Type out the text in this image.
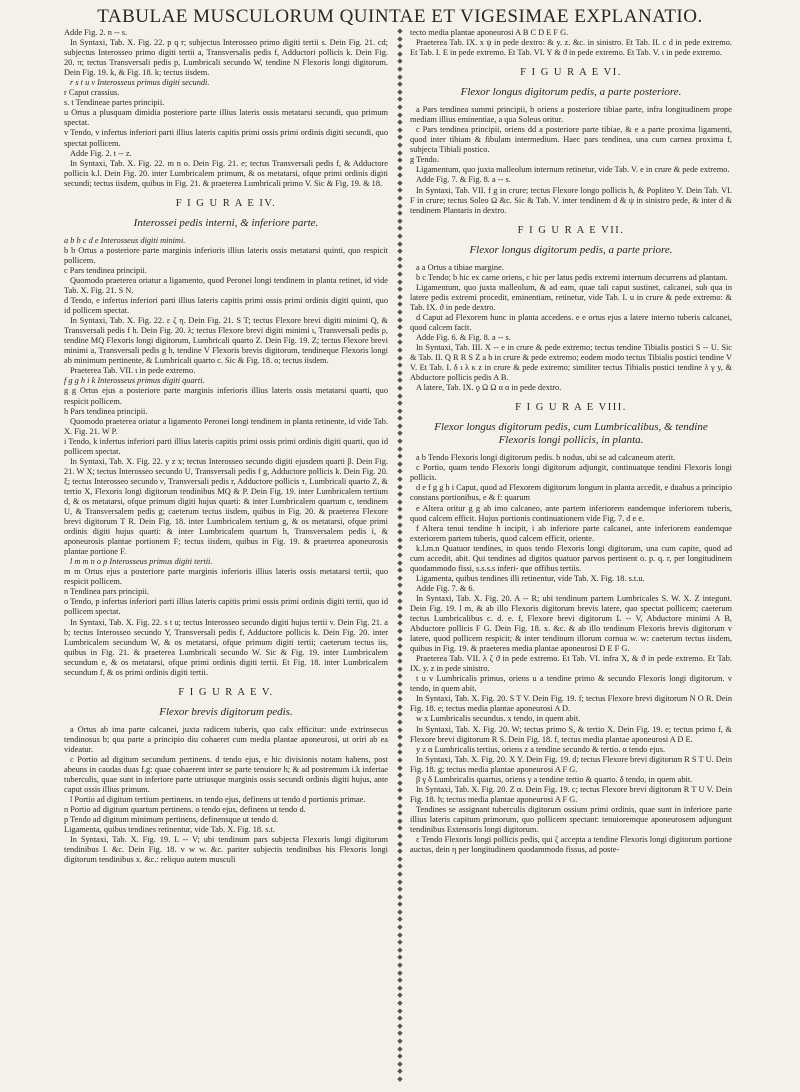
TABULAE MUSCULORUM QUINTAE ET VIGESIMAE EXPLANATIO.

Adde Fig. 2. n -- s.

In Syntaxi, Tab. X. Fig. 22. p q r; subjectus Interosseo primo digiti tertii s. Dein Fig. 21. cd; subjectus Interosseo primo digiti tertii a, Transversalis pedis f, Adductori pollicis k. Dein Fig. 20. π; tectus Transversali pedis p, Lumbricali secundo W, tendine N Flexoris longi digitorum. Dein Fig. 19. k, & Fig. 18. k; tectus iisdem.

r s t u v Interosseus primus digiti secundi.

r Caput crassius.

s. t Tendineae partes principii.

u Ortus a plusquam dimidia posteriore parte illius lateris ossis metatarsi secundi, quo primum spectat.

v Tendo, v infertus inferiori parti illius lateris capitis primi ossis primi ordinis digiti secundi, quo spectat pollicem.

Adde Fig. 2. t -- z.

In Syntaxi, Tab. X. Fig. 22. m n o. Dein Fig. 21. e; tectus Transversali pedis f, & Adductore pollicis k.l. Dein Fig. 20. inter Lumbricalem primum, & os metatarsi, ofque primi ordinis digiti secundi; tectus iisdem, quibus in Fig. 21. & praeterea Lumbricali primo V. Sic & Fig. 19. & 18.

F I G U R A E IV.
Interossei pedis interni, & inferiore parte.

a b b c d e Interosseus digiti minimi.

b b Ortus a posteriore parte marginis inferioris illius lateris ossis metatarsi quinti, quo respicit pollicem.

c Pars tendinea principii.

Quomodo praeterea oriatur a ligamento, quod Peronei longi tendinem in planta retinet, id vide Tab. X. Fig. 21. S N.

d Tendo, e infertus inferiori parti illius lateris capitis primi ossis primi ordinis digiti quinti, quo id pollicem spectat.

In Syntaxi, Tab. X. Fig. 22. ε ζ η. Dein Fig. 21. S T; tectus Flexore brevi digiti minimi Q, & Transversali pedis f h. Dein Fig. 20. λ; tectus Flexore brevi digiti minimi ι, Transversali pedis ρ, tendine MQ Flexoris longi digitorum, Lumbricali quarto Z. Dein Fig. 19. Z; tectus Flexore brevi minimi a, Transversali pedis g h, tendine V Flexoris brevis digitorum, tendineque Flexoris longi ab minimum pertinente, & Lumbricali quarto c. Sic & Fig. 18. o; tectus iisdem.

Praeterea Tab. VII. ι in pede extremo.

f g g h i k Interosseus primus digiti quarti.

g g Ortus ejus a posteriore parte marginis inferioris illius lateris ossis metatarsi quarti, quo respicit pollicem.

h Pars tendinea principii.

Quomodo praeterea oriatur a ligamento Peronei longi tendinem in planta retinente, id vide Tab. X. Fig. 21. W P.

i Tendo, k infertus inferiori parti illius lateris capitis primi ossis primi ordinis digiti quarti, quo id pollicem spectat.

In Syntaxi, Tab. X. Fig. 22. y z x; tectus Interosseo secundo digiti ejusdem quarti β. Dein Fig. 21. W X; tectus Interosseo secundo U, Transversali pedis f g, Adductore pollicis k. Dein Fig. 20. ξ; tectus Interosseo secundo ν, Transversali pedis r, Adductore pollicis τ, Lumbricali quarto Z, & tertio X, Flexoris longi digitorum tendinibus MQ & P. Dein Fig. 19. inter Lumbricalem tertium d, & os metatarsi, ofque primum digiti hujus quarti: & inter Lumbricalem quartum c, tendinem U, & Transversalem pedis g; caeterum tectus iisdem, quibus in Fig. 20. & praeterea Flexore brevi digitorum T R. Dein Fig. 18. inter Lumbricalem tertium g, & os metatarsi, ofque primi ordinis digiti hujus quarti: & inter Lumbricalem quartum h, Transversalem pedis i, & aponeurosis plantae portionem F; tectus iisdem, quibus in Fig. 19. & praeterea aponeurosis plantae portione F.

l m m n o p Interosseus primus digiti tertii.

m m Ortus ejus a posteriore parte marginis inferioris illius lateris ossis metatarsi tertii, quo respicit pollicem.

n Tendinea pars principii.

o Tendo, p infertus inferiori parti illius lateris capitis primi ossis primi ordinis digiti tertii, quo id pollicem spectat.

In Syntaxi, Tab. X. Fig. 22. s t u; tectus Interosseo secundo digiti hujus tertii v. Dein Fig. 21. a b; tectus Interosseo secundo Y, Transversali pedis f, Adductore pollicis k. Dein Fig. 20. inter Lumbricalem secundum W, & os metatarsi, ofque primum digiti tertii; caeterum tectus iis, quibus in Fig. 21. & praeterea Lumbricali secundo W. Sic & Fig. 19. inter Lumbricalem secundum e, & os metatarsi, ofque primi ordinis digiti tertii. Et Fig. 18. inter Lumbricalem secundum f, & os primi ordinis digiti tertii.

F I G U R A E V.
Flexor brevis digitorum pedis.

a Ortus ab ima parte calcanei, juxta radicem tuberis, quo calx efficitur: unde extrinsecus tendinosus b; qua parte a principio diu cohaeret cum media plantae aponeurosi, ut oriri ab ea videatur.

c Portio ad digitum secundum pertinens. d tendo ejus, e hic divisionis notam habens, post abeuns in caudas duas f.g: quae cohaerent inter se parte tenuiore h; & ad postremum i.k infertae tuberculis, quae sunt in inferiore parte utriusque marginis ossis secundi ordinis digiti hujus, ante caput ossis illius primum.

l Portio ad digitum tertium pertinens. m tendo ejus, definens ut tendo d portionis primae.

n Portio ad digitum quartum pertinens. o tendo ejus, definens ut tendo d.

p Tendo ad digitum minimum pertinens, definensque ut tendo d.

Ligamenta, quibus tendines retinentur, vide Tab. X. Fig. 18. s.t.

In Syntaxi, Tab. X. Fig. 19. L -- V; ubi tendinum pars subjecta Flexoris longi digitorum tendinibus I. &c. Dein Fig. 18. v w w. &c. pariter subjectis tendinibus his Flexoris longi digitorum tendinibus x. &c.: reliquo autem musculi

◆
◆
◆
◆
◆
◆
◆
◆
◆
◆
◆
◆
◆
◆
◆
◆
◆
◆
◆
◆
◆
◆
◆
◆
◆
◆
◆
◆
◆
◆
◆
◆
◆
◆
◆
◆
◆
◆
◆
◆
◆
◆
◆
◆
◆
◆
◆
◆
◆
◆
◆
◆
◆
◆
◆
◆
◆
◆
◆
◆
◆
◆
◆
◆
◆
◆
◆
◆
◆
◆
◆
◆
◆
◆
◆
◆
◆
◆
◆
◆
◆
◆
◆
◆
◆
◆
◆
◆
◆
◆
◆
◆
◆
◆
◆
◆
◆
◆
◆
◆
◆
◆
◆
◆
◆
◆
◆
◆
◆
◆
◆
◆
◆
◆
◆
◆
◆
◆
◆
◆
◆
◆
◆
◆
◆
◆
◆
◆
◆
◆
◆
◆
◆
◆
◆
◆
◆
◆
◆

tecto media plantae aponeurosi A B C D E F G.

Praeterea Tab. IX. x ψ in pede dextro: & y. z. &c. in sinistro. Et Tab. II. c d in pede extremo. Et Tab. I. E in pede extremo. Et Tab. VI. Y & ϑ in pede extremo. Et Tab. V. ι in pede extremo.

F I G U R A E VI.
Flexor longus digitorum pedis, a parte posteriore.

a Pars tendinea summi principii, b oriens a posteriore tibiae parte, infra longitudinem prope mediam illius eminentiae, a qua Soleus oritur.

c Pars tendinea principii, oriens dd a posteriore parte tibiae, & e a parte proxima ligamenti, quod inter tibiam & fibulam intermedium. Haec pars tendinea, una cum carnea proxima f, subjecta Tibiali postico.

g Tendo.

Ligamentum, quo juxta malleolum internum retinetur, vide Tab. V. e in crure & pede extremo.

Adde Fig. 7. & Fig. 8. a -- s.

In Syntaxi, Tab. VII. f g in crure; tectus Flexore longo pollicis h, & Popliteo Y. Dein Tab. VI. F in crure; tectus Soleo Ω &c. Sic & Tab. V. inter tendinem d & ψ in sinistro pede, & inter d & tendinem Plantaris in dextro.

F I G U R A E VII.
Flexor longus digitorum pedis, a parte priore.

a a Ortus a tibiae margine.

b c Tendo; b hic ex carne oriens, c hic per latus pedis extremi internum decurrens ad plantam.

Ligamentum, quo juxta malleolum, & ad eam, quae tali caput sustinet, calcanei, sub qua in latere pedis extremi procedit, eminentiam, retinetur, vide Tab. I. u in crure & pede extremo: & Tab. IX. ϑ in pede dextro.

d Caput ad Flexorem hunc in planta accedens. e e ortus ejus a latere interno tuberis calcanei, quod calcem facit.

Adde Fig. 6. & Fig. 8. a -- s.

In Syntaxi, Tab. III. X -- e in crure & pede extremo; tectus tendine Tibialis postici S -- U. Sic & Tab. II. Q R R S Z a b in crure & pede extremo; eodem modo tectus Tibialis postici tendine V V. Et Tab. I. δ ι λ κ z in crure & pede extremo; similiter tectus Tibialis postici tendine λ γ y, & Abductore pollicis pedis A B.

A latere, Tab. IX. ϙ Ω Ω α α in pede dextro.

F I G U R A E VIII.
Flexor longus digitorum pedis, cum Lumbricalibus, & tendine
Flexoris longi pollicis, in planta.

a b Tendo Flexoris longi digitorum pedis. b nodus, ubi se ad calcaneum aterit.

c Portio, quam tendo Flexoris longi digitorum adjungit, continuatque tendini Flexoris longi pollicis.

d e f g g h i Caput, quod ad Flexorem digitorum longum in planta accedit, e duabus a principio constans portionibus, e & f: quarum

e Altera oritur g g ab imo calcaneo, ante partem inferiorem eandemque inferiorem tuberis, quod calcem efficit. Hujus portionis continuationem vide Fig. 7. d e e.

f Altera tenui tendine h incipit, i ab inferiore parte calcanei, ante inferiorem eandemque exteriorem partem tuberis, quod calcem efficit, oriente.

k.l.m.n Quatuor tendines, in quos tendo Flexoris longi digitorum, una cum capite, quod ad cum accedit, abit. Qui tendines ad digitos quatuor parvos pertinent o. p. q. r, per longitudinem quodammodo fissi, s.s.s.s inferi- que offibus tertiis.

Ligamenta, quibus tendines illi retinentur, vide Tab. X. Fig. 18. s.t.u.

Adde Fig. 7. & 6.

In Syntaxi, Tab. X. Fig. 20. A -- R; ubi tendinum partem Lumbricales S. W. X. Z integunt. Dein Fig. 19. l m, & ab illo Flexoris digitorum brevis latere, quo spectat pollicem; caeterum tectus Lumbricalibus c. d. e. f, Flexore brevi digitorum L -- V, Abductore minimi A B, Abductore pollicis F G. Dein Fig. 18. x. &c. & ab illo tendinum Flexoris brevis digitorum v latere, quod pollicem respicit; & inter tendinum illorum cornua w. w: caeterum tectus iisdem, quibus in Fig. 19. & praeterea media plantae aponeurosi D E F G.

Praeterea Tab. VII. λ ζ ϑ in pede extremo. Et Tab. VI. infra X, & ϑ in pede extremo. Et Tab. IX. y. z in pede sinistro.

t u v Lumbricalis primus, oriens u a tendine primo & secundo Flexoris longi digitorum. v tendo, in quem abit.

In Syntaxi, Tab. X. Fig. 20. S T V. Dein Fig. 19. f; tectus Flexore brevi digitorum N O R. Dein Fig. 18. e; tectus media plantae aponeurosi A D.

w x Lumbricalis secundus. x tendo, in quem abit.

In Syntaxi, Tab. X. Fig. 20. W; tectus primo S, & tertio X. Dein Fig. 19. e; tectus primo f, & Flexore brevi digitorum R S. Dein Fig. 18. f, tectus media plantae aponeurosi A D E.

y z α Lumbricalis tertius, oriens z a tendine secundo & tertio. α tendo ejus.

In Syntaxi, Tab. X. Fig. 20. X Y. Dein Fig. 19. d; tectus Flexore brevi digitorum R S T U. Dein Fig. 18. g; tectus media plantae aponeurosi A F G.

β γ δ Lumbricalis quartus, oriens γ a tendine tertio & quarto. δ tendo, in quem abit.

In Syntaxi, Tab. X. Fig. 20. Z α. Dein Fig. 19. c; tectus Flexore brevi digitorum R T U V. Dein Fig. 18. h; tectus media plantae aponeurosi A F G.

Tendines se assignant tuberculis digitorum ossium primi ordinis, quae sunt in inferiore parte illius lateris capitum primorum, quo pollicem spectant: tenuioremque aponeurosem adjungunt tendinibus Extensoris longi digitorum.

ε Tendo Flexoris longi pollicis pedis, qui ζ accepta a tendine Flexoris longi digitorum portione auctus, dein η per longitudinem quodammodo fissus, ad poste-
